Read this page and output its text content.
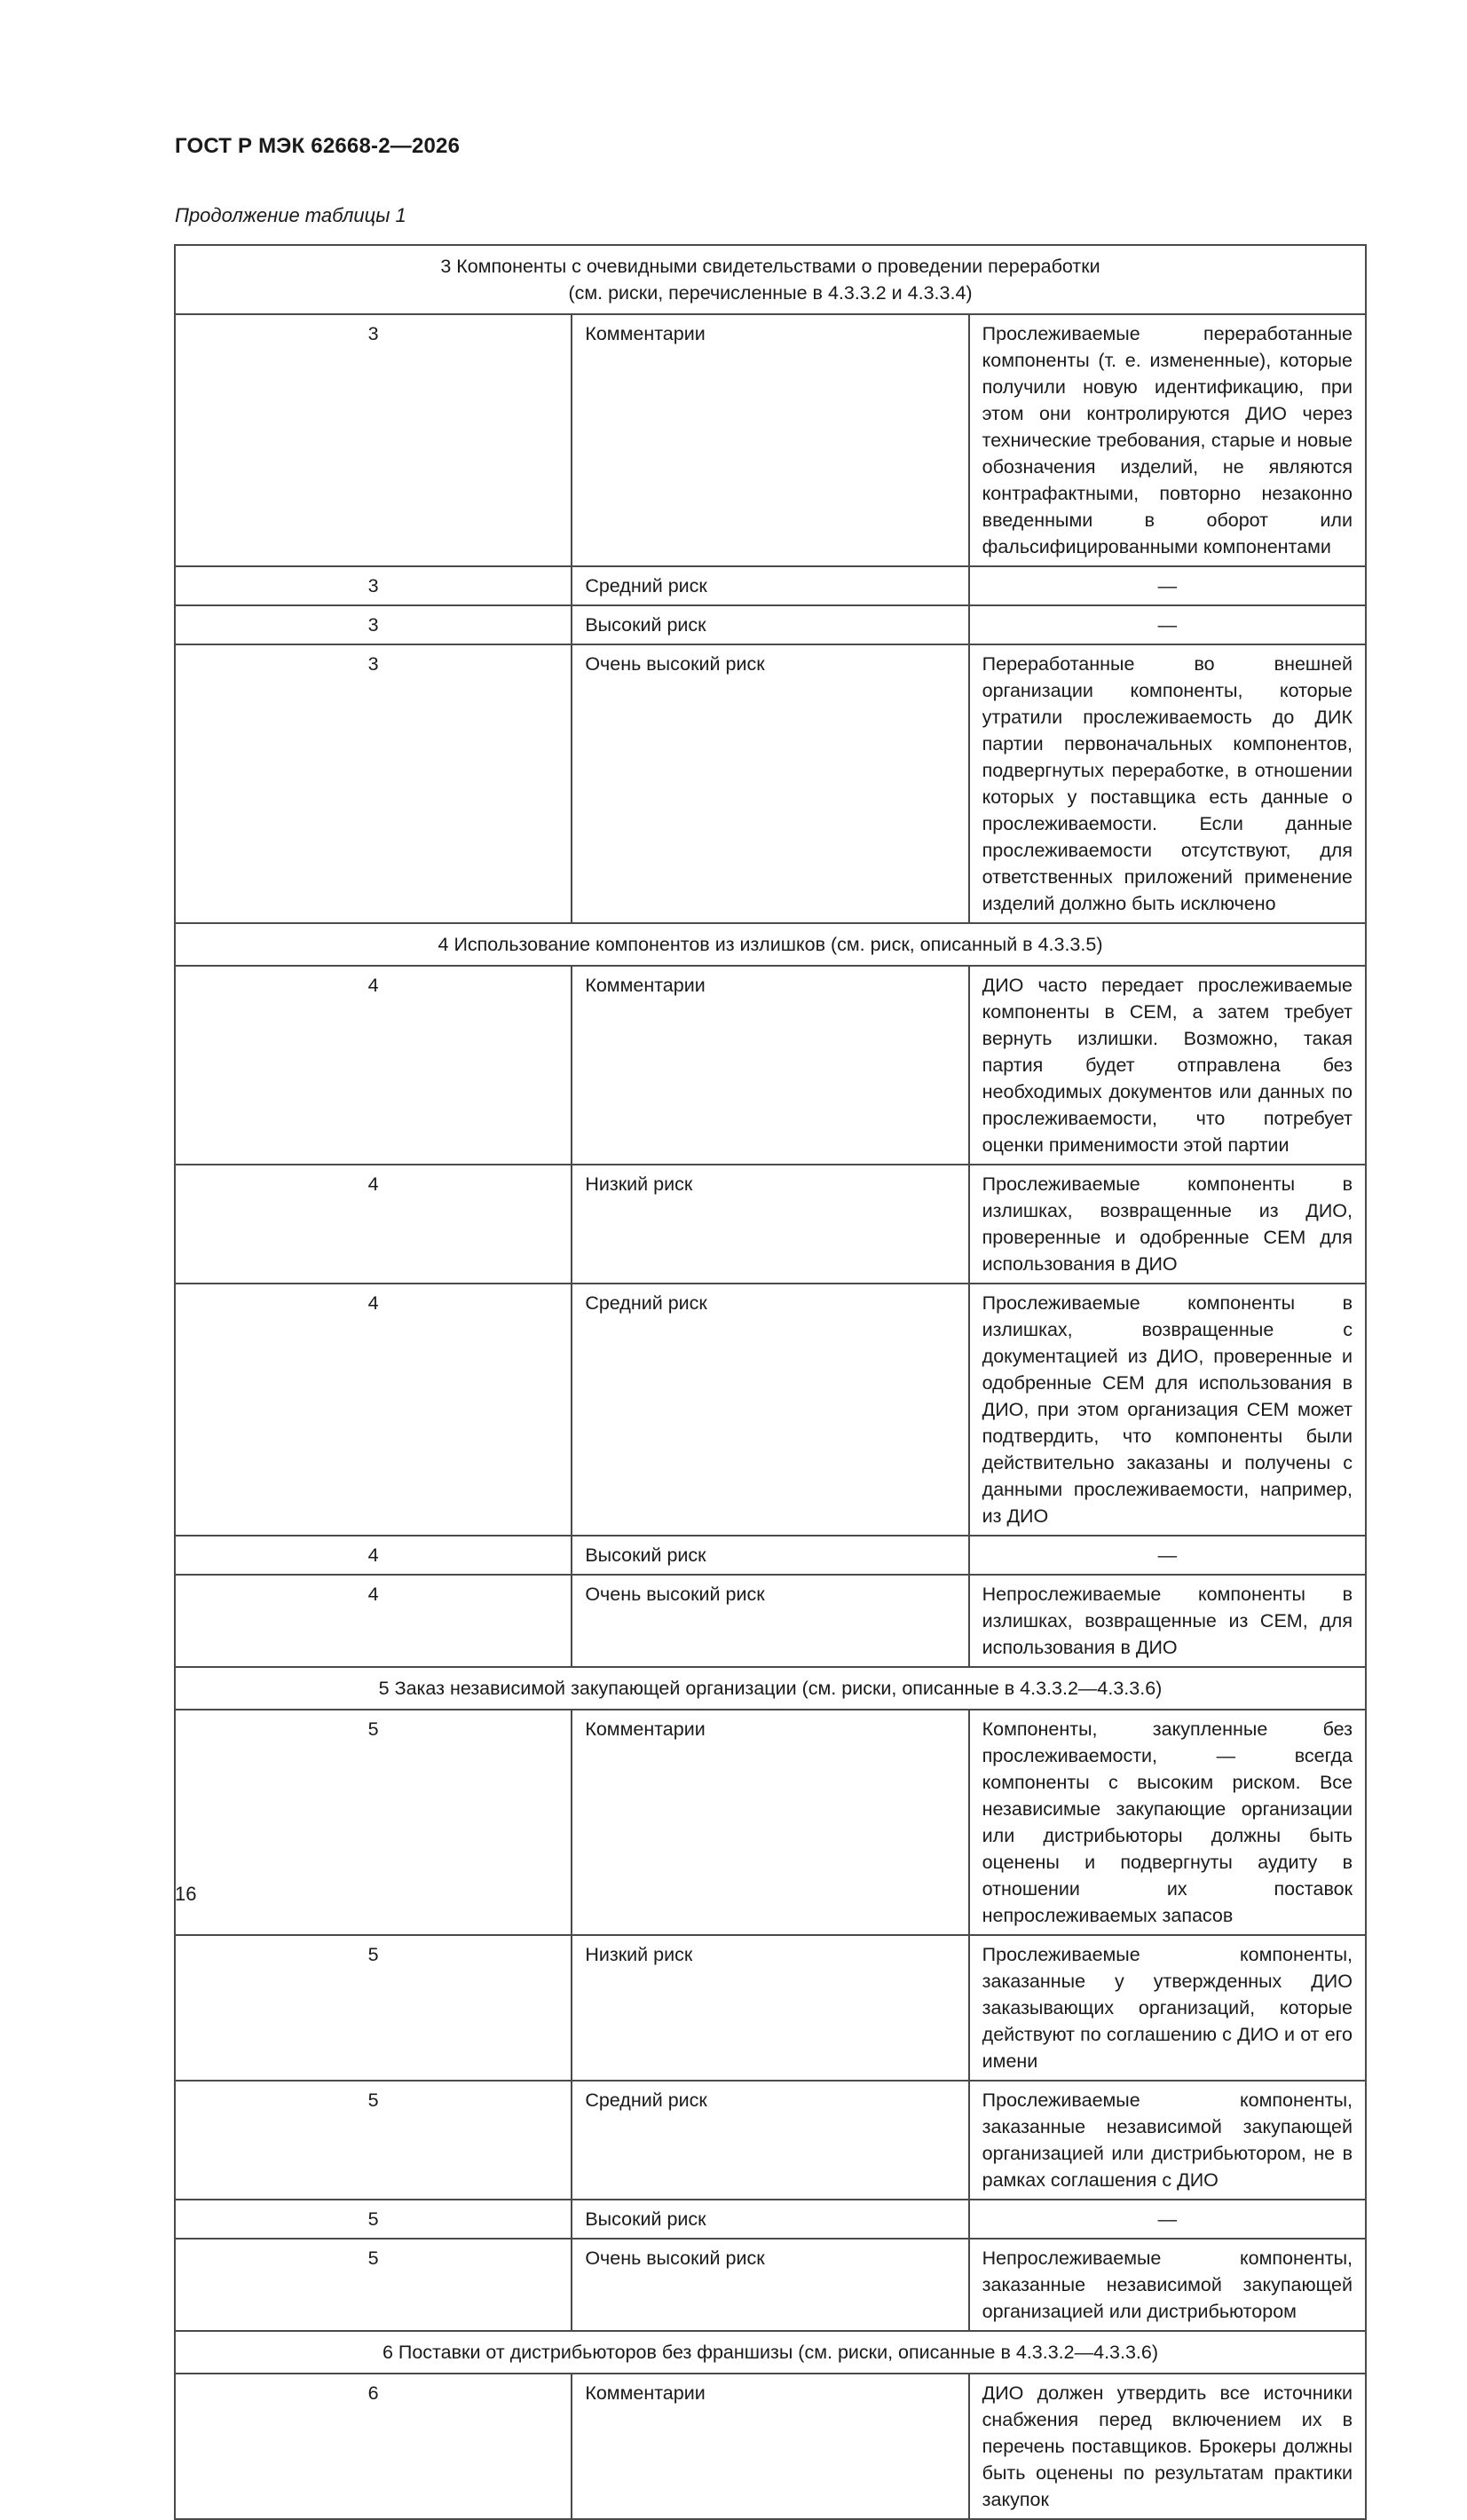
ГОСТ Р МЭК 62668-2—2026
Продолжение таблицы 1
3 Компоненты с очевидными свидетельствами о проведении переработки
(см. риски, перечисленные в 4.3.3.2 и 4.3.3.4)		
3	Комментарии	Прослеживаемые переработанные компоненты (т. е. измененные), которые получили новую идентификацию, при этом они контролируются ДИО через технические требования, старые и новые обозначения изделий, не являются контрафактными, повторно незаконно введенными в оборот или фальсифицированными компонентами
3	Средний риск	—
3	Высокий риск	—
3	Очень высокий риск	Переработанные во внешней организации компоненты, которые утратили прослеживаемость до ДИК партии первоначальных компонентов, подвергнутых переработке, в отношении которых у поставщика есть данные о прослеживаемости. Если данные прослеживаемости отсутствуют, для ответственных приложений применение изделий должно быть исключено
4 Использование компонентов из излишков (см. риск, описанный в 4.3.3.5)		
4	Комментарии	ДИО часто передает прослеживаемые компоненты в СЕМ, а затем требует вернуть излишки. Возможно, такая партия будет отправлена без необходимых документов или данных по прослеживаемости, что потребует оценки применимости этой партии
4	Низкий риск	Прослеживаемые компоненты в излишках, возвращенные из ДИО, проверенные и одобренные СЕМ для использования в ДИО
4	Средний риск	Прослеживаемые компоненты в излишках, возвращенные с документацией из ДИО, проверенные и одобренные СЕМ для использования в ДИО, при этом организация СЕМ может подтвердить, что компоненты были действительно заказаны и получены с данными прослеживаемости, например, из ДИО
4	Высокий риск	—
4	Очень высокий риск	Непрослеживаемые компоненты в излишках, возвращенные из СЕМ, для использования в ДИО
5 Заказ независимой закупающей организации (см. риски, описанные в 4.3.3.2—4.3.3.6)		
5	Комментарии	Компоненты, закупленные без прослеживаемости, — всегда компоненты с высоким риском. Все независимые закупающие организации или дистрибьюторы должны быть оценены и подвергнуты аудиту в отношении их поставок непрослеживаемых запасов
5	Низкий риск	Прослеживаемые компоненты, заказанные у утвержденных ДИО заказывающих организаций, которые действуют по соглашению с ДИО и от его имени
5	Средний риск	Прослеживаемые компоненты, заказанные независимой закупающей организацией или дистрибьютором, не в рамках соглашения с ДИО
5	Высокий риск	—
5	Очень высокий риск	Непрослеживаемые компоненты, заказанные независимой закупающей организацией или дистрибьютором
6 Поставки от дистрибьюторов без франшизы (см. риски, описанные в 4.3.3.2—4.3.3.6)		
6	Комментарии	ДИО должен утвердить все источники снабжения перед включением их в перечень поставщиков. Брокеры должны быть оценены по результатам практики закупок
16
